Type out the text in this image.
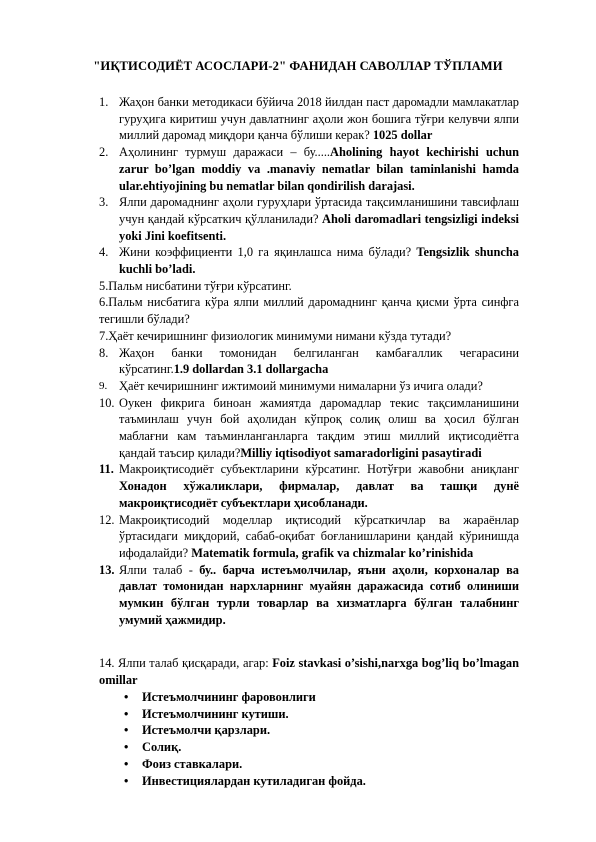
"ИҚТИСОДИЁТ АСОСЛАРИ-2" ФАНИДАН САВОЛЛАР ТЎПЛАМИ
1. Жаҳон банки методикаси бўйича 2018 йилдан паст даромадли мамлакатлар гуруҳига киритиш учун давлатнинг аҳоли жон бошига тўғри келувчи ялпи миллий даромад миқдори қанча бўлиши керак? 1025 dollar
2. Аҳолининг турмуш даражаси – бу.....Aholining hayot kechirishi uchun zarur bo’lgan moddiy va .manaviy nematlar bilan taminlanishi hamda ular.ehtiyojining bu nematlar bilan qondirilish darajasi.
3. Ялпи даромаднинг аҳоли гуруҳлари ўртасида тақсимланишини тавсифлаш учун қандай кўрсаткич қўлланилади? Aholi daromadlari tengsizligi indeksi yoki Jini koefitsenti.
4. Жини коэффициенти 1,0 га яқинлашса нима бўлади? Tengsizlik shuncha kuchli bo’ladi.
5.Пальм нисбатини тўғри кўрсатинг.
6.Пальм нисбатига кўра ялпи миллий даромаднинг қанча қисми ўрта синфга тегишли бўлади?
7.Ҳаёт кечиришнинг физиологик минимуми нимани кўзда тутади?
8. Жаҳон банки томонидан белгиланган камбағаллик чегарасини кўрсатинг.1.9 dollardan 3.1 dollargacha
9. Ҳаёт кечиришнинг ижтимоий минимуми нималарни ўз ичига олади?
10. Оукен фикрига биноан жамиятда даромадлар текис тақсимланишини таъминлаш учун бой аҳолидан кўпроқ солиқ олиш ва ҳосил бўлган маблағни кам таъминланганларга тақдим этиш миллий иқтисодиётга қандай таъсир қилади?Milliy iqtisodiyot samaradorligini pasaytiradi
11. Макроиқтисодиёт субъектларини кўрсатинг. Нотўғри жавобни аниқланг Хонадон хўжаликлари, фирмалар, давлат ва ташқи дунё макроиқтисодиёт субъектлари ҳисобланади.
12. Макроиқтисодий моделлар иқтисодий кўрсаткичлар ва жараёнлар ўртасидаги миқдорий, сабаб-оқибат боғланишларини қандай кўринишда ифодалайди? Matematik formula, grafik va chizmalar ko’rinishida
13. Ялпи талаб - бу.. барча истеъмолчилар, яъни аҳоли, корхоналар ва давлат томонидан нархларнинг муайян даражасида сотиб олиниши мумкин бўлган турли товарлар ва хизматларга бўлган талабнинг умумий ҳажмидир.
14. Ялпи талаб қисқаради, агар: Foiz stavkasi o’sishi,narxga bog’liq bo’lmagan omillar
• Истеъмолчининг фаровонлиги
• Истеъмолчининг кутиши.
• Истеъмолчи қарзлари.
• Солиқ.
• Фоиз ставкалари.
• Инвестициялардан кутиладиган фойда.
